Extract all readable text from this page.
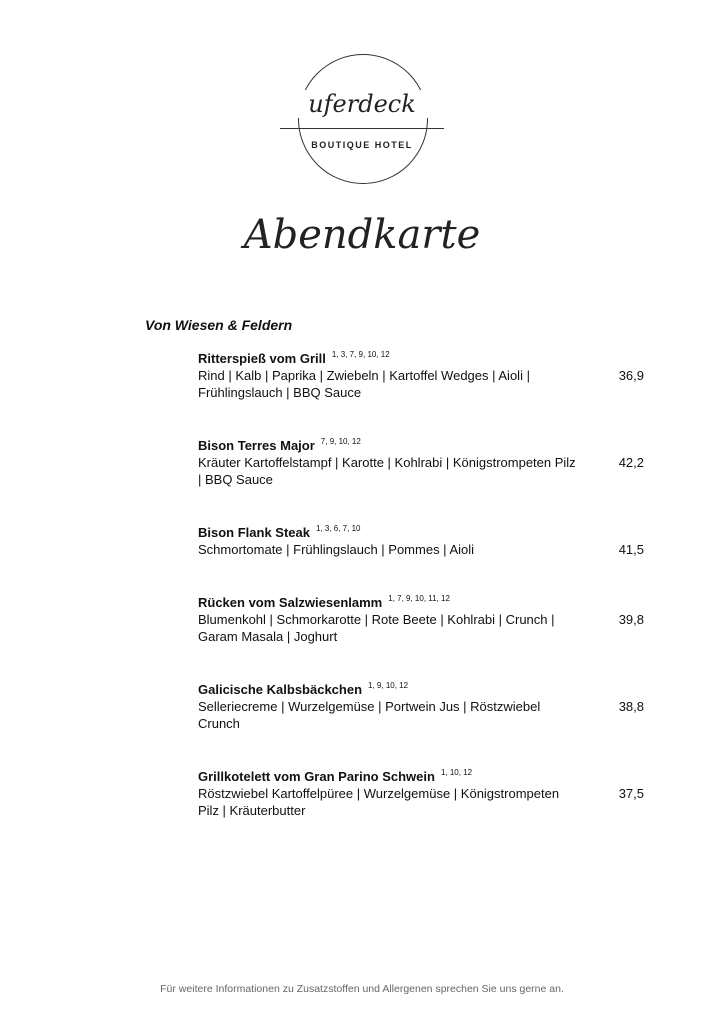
uferdeck
BOUTIQUE HOTEL
Abendkarte
Von Wiesen & Feldern
Ritterspieß vom Grill $^{1, 3, 7, 9, 10, 12}$
Rind | Kalb | Paprika | Zwiebeln | Kartoffel Wedges | Aioli | Frühlingslauch | BBQ Sauce
36,9
Bison Terres Major $^{7, 9, 10, 12}$
Kräuter Kartoffelstampf | Karotte | Kohlrabi | Königstrompeten Pilz | BBQ Sauce
42,2
Bison Flank Steak $^{1, 3, 6, 7, 10}$
Schmortomate | Frühlingslauch | Pommes | Aioli	41,5
Rücken vom Salzwiesenlamm $^{1, 7, 9, 10, 11, 12}$
Blumenkohl | Schmorkarotte | Rote Beete | Kohlrabi | Crunch | Garam Masala | Joghurt
39,8
Galicische Kalbsbäckchen $^{1, 9, 10, 12}$
Selleriecreme | Wurzelgemüse | Portwein Jus | Röstzwiebel Crunch
38,8
Grillkotelett vom Gran Parino Schwein $^{1, 10, 12}$
Röstzwiebel Kartoffelpüree | Wurzelgemüse | Königstrompeten Pilz | Kräuterbutter
37,5
Für weitere Informationen zu Zusatzstoffen und Allergenen sprechen Sie uns gerne an.
